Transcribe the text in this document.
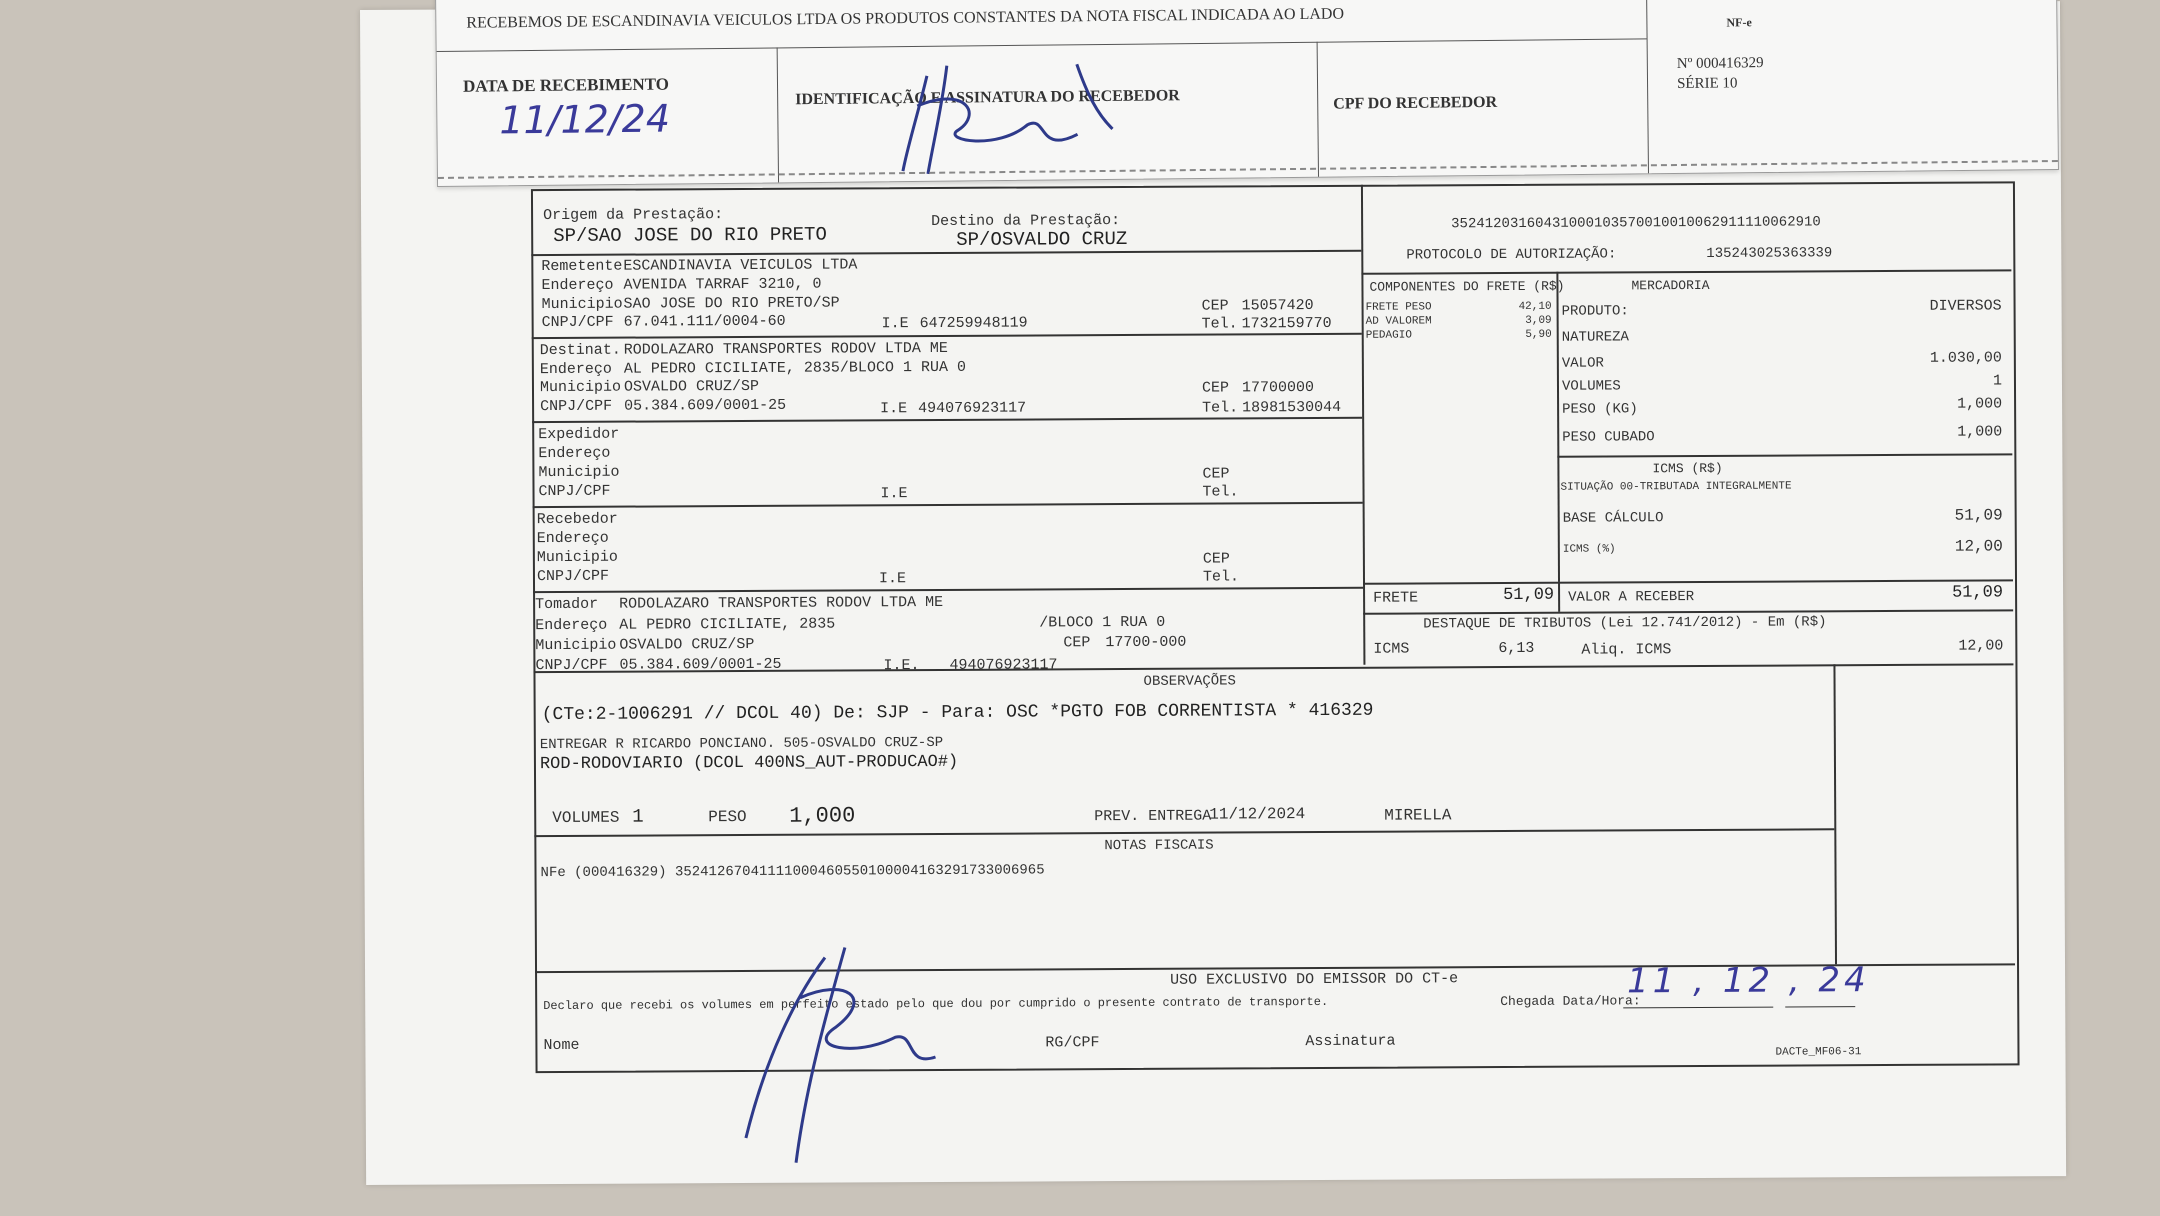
Origem da Prestação:
SP/SAO JOSE DO RIO PRETO
Destino da Prestação:
SP/OSVALDO CRUZ
35241203160431000103570010010062911110062910
PROTOCOLO DE AUTORIZAÇÃO:	135243025363339
Remetente ESCANDINAVIA VEICULOS LTDA
Endereço AVENIDA TARRAF 3210, 0
Municipio SAO JOSE DO RIO PRETO/SP
CNPJ/CPF 67.041.111/0004-60	I.E 647259948119
CEP 15057420
Tel. 1732159770
Destinat. RODOLAZARO TRANSPORTES RODOV LTDA ME
Endereço AL PEDRO CICILIATE, 2835/BLOCO 1 RUA 0
Municipio OSVALDO CRUZ/SP
CNPJ/CPF 05.384.609/0001-25	I.E 494076923117
CEP 17700000
Tel. 18981530044
Expedidor
Endereço
Municipio
CNPJ/CPF	I.E
CEP
Tel.
Recebedor
Endereço
Municipio
CNPJ/CPF	I.E
CEP
Tel.
Tomador RODOLAZARO TRANSPORTES RODOV LTDA ME
Endereço AL PEDRO CICILIATE, 2835	/BLOCO 1 RUA 0
Municipio OSVALDO CRUZ/SP	CEP 17700-000
CNPJ/CPF 05.384.609/0001-25	I.E. 494076923117
COMPONENTES DO FRETE (R$)
FRETE PESO	42,10
AD VALOREM	3,09
PEDAGIO	5,90
FRETE	51,09
MERCADORIA
PRODUTO:	DIVERSOS
NATUREZA
VALOR	1.030,00
VOLUMES	1
PESO (KG)	1,000
PESO CUBADO	1,000
ICMS (R$)
SITUAÇÃO 00-TRIBUTADA INTEGRALMENTE
BASE CÁLCULO	51,09
ICMS (%)	12,00
VALOR A RECEBER	51,09
DESTAQUE DE TRIBUTOS (Lei 12.741/2012) - Em (R$)
ICMS	6,13	Aliq. ICMS	12,00
OBSERVAÇÕES
(CTe:2-1006291 // DCOL 40) De: SJP - Para: OSC *PGTO FOB CORRENTISTA * 416329
ENTREGAR R RICARDO PONCIANO. 505-OSVALDO CRUZ-SP
ROD-RODOVIARIO (DCOL 400NS_AUT-PRODUCAO#)
VOLUMES 1	PESO 1,000	PREV. ENTREGA
11/12/2024	MIRELLA
NOTAS FISCAIS
NFe (000416329) 35241267041111000460550100004163291733006965
USO EXCLUSIVO DO EMISSOR DO CT-e
Declaro que recebi os volumes em perfeito estado pelo que dou por cumprido o presente contrato de transporte.	Chegada Data/Hora:
11 , 12 , 24
Nome	RG/CPF	Assinatura
DACTe_MF06-31
RECEBEMOS DE ESCANDINAVIA VEICULOS LTDA OS PRODUTOS CONSTANTES DA NOTA FISCAL INDICADA AO LADO	NF-e
Nº 000416329
SÉRIE 10
DATA DE RECEBIMENTO
11/12/24	IDENTIFICAÇÃO E ASSINATURA DO RECEBEDOR	CPF DO RECEBEDOR
